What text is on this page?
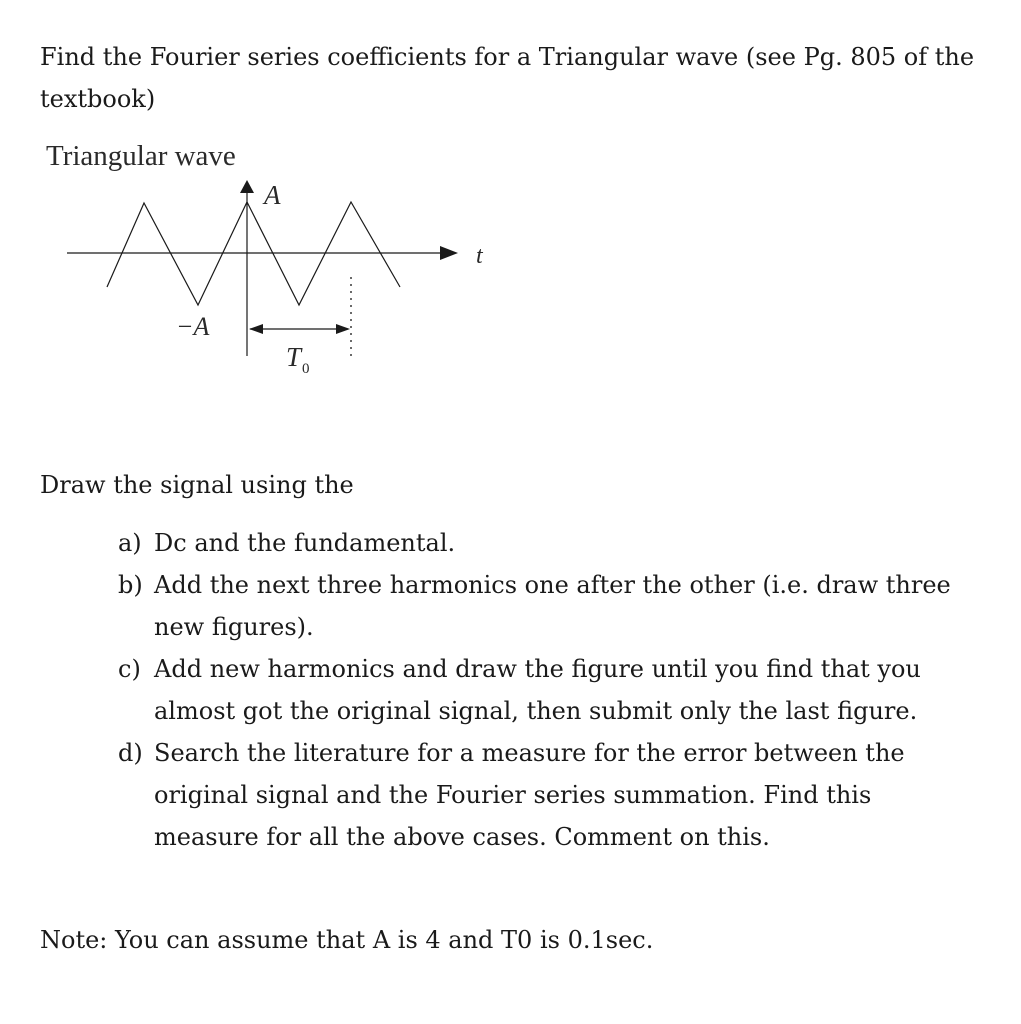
Find the Fourier series coefficients for a Triangular wave (see Pg. 805 of the textbook)

Triangular wave
t
A
−A
$T_0$

Draw the signal using the

a) Dc and the fundamental.
b) Add the next three harmonics one after the other (i.e. draw three new figures).
c) Add new harmonics and draw the figure until you find that you almost got the original signal, then submit only the last figure.
d) Search the literature for a measure for the error between the original signal and the Fourier series summation. Find this measure for all the above cases. Comment on this.

Note: You can assume that A is 4 and T0 is 0.1sec.
